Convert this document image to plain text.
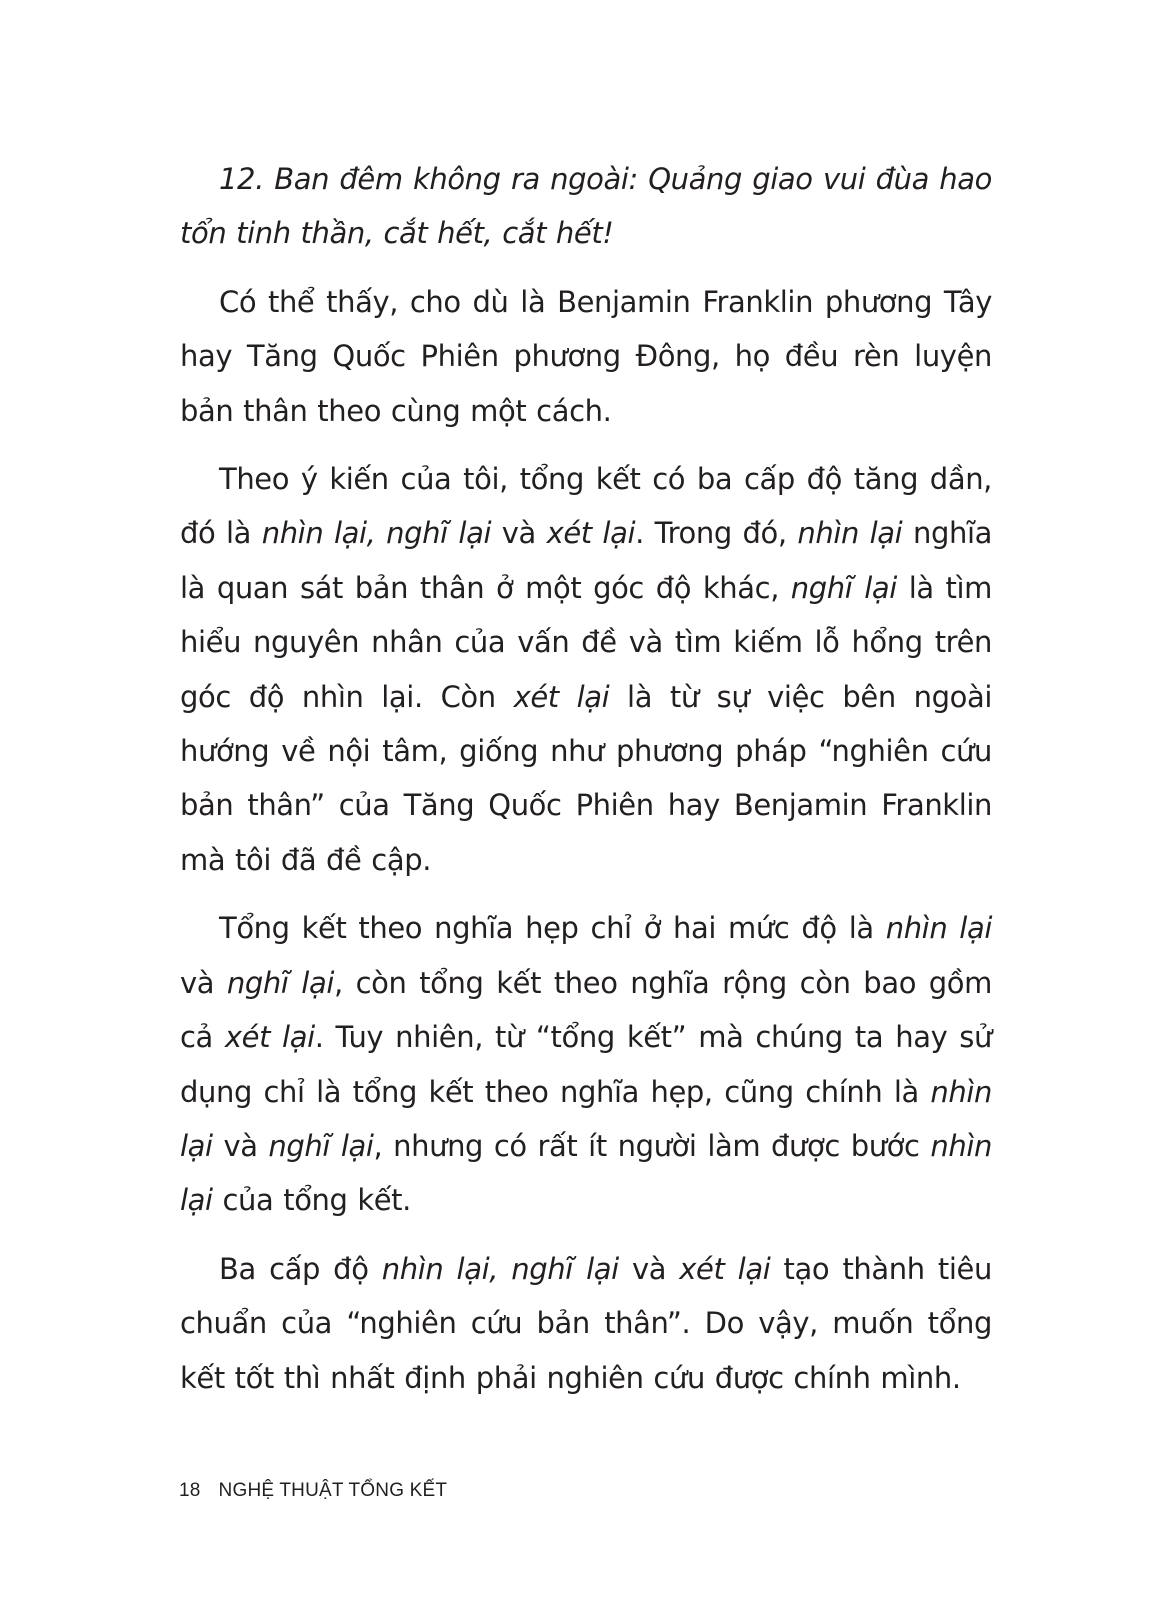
12. Ban đêm không ra ngoài: Quảng giao vui đùa hao tổn tinh thần, cắt hết, cắt hết!

Có thể thấy, cho dù là Benjamin Franklin phương Tây hay Tăng Quốc Phiên phương Đông, họ đều rèn luyện bản thân theo cùng một cách.

Theo ý kiến của tôi, tổng kết có ba cấp độ tăng dần, đó là nhìn lại, nghĩ lại và xét lại. Trong đó, nhìn lại nghĩa là quan sát bản thân ở một góc độ khác, nghĩ lại là tìm hiểu nguyên nhân của vấn đề và tìm kiếm lỗ hổng trên góc độ nhìn lại. Còn xét lại là từ sự việc bên ngoài hướng về nội tâm, giống như phương pháp “nghiên cứu bản thân” của Tăng Quốc Phiên hay Benjamin Franklin mà tôi đã đề cập.

Tổng kết theo nghĩa hẹp chỉ ở hai mức độ là nhìn lại và nghĩ lại, còn tổng kết theo nghĩa rộng còn bao gồm cả xét lại. Tuy nhiên, từ “tổng kết” mà chúng ta hay sử dụng chỉ là tổng kết theo nghĩa hẹp, cũng chính là nhìn lại và nghĩ lại, nhưng có rất ít người làm được bước nhìn lại của tổng kết.

Ba cấp độ nhìn lại, nghĩ lại và xét lại tạo thành tiêu chuẩn của “nghiên cứu bản thân”. Do vậy, muốn tổng kết tốt thì nhất định phải nghiên cứu được chính mình.

18 NGHỆ THUẬT TỔNG KẾT
